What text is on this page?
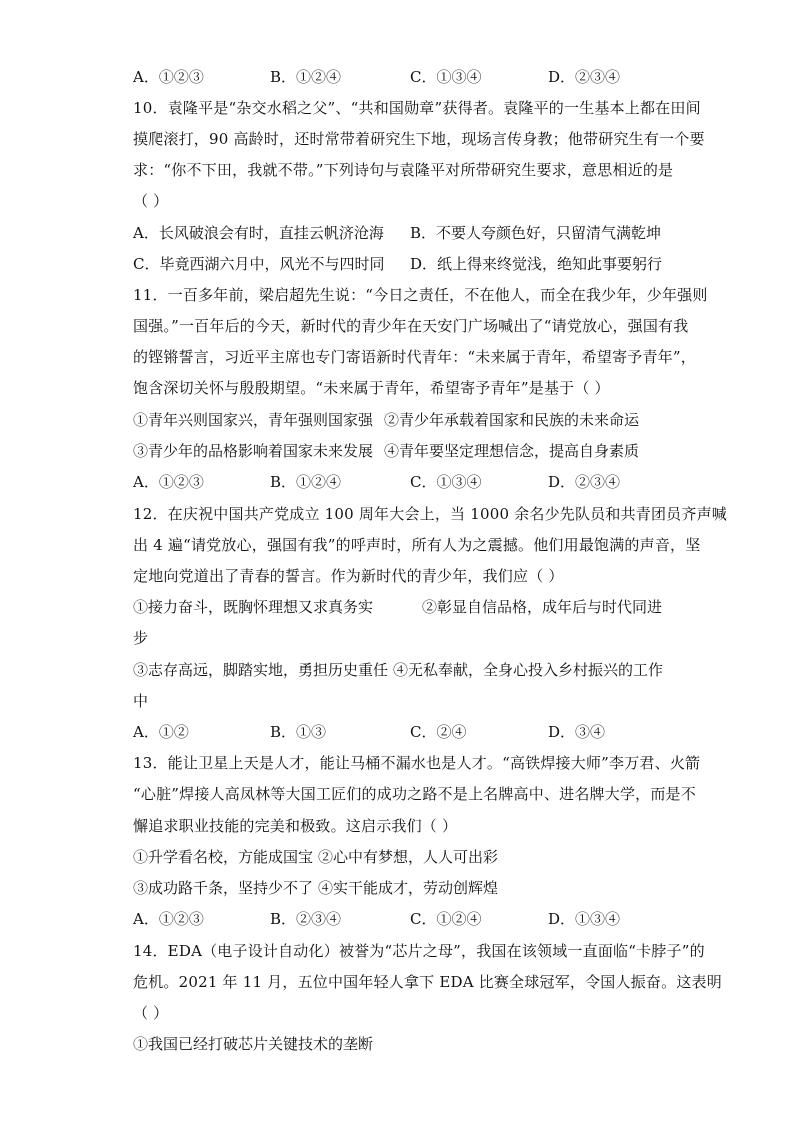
A．①②③	B．①②④	C．①③④	D．②③④
10．袁隆平是“杂交水稻之父”、“共和国勋章”获得者。袁隆平的一生基本上都在田间
摸爬滚打，90 高龄时，还时常带着研究生下地，现场言传身教；他带研究生有一个要
求：“你不下田，我就不带。”下列诗句与袁隆平对所带研究生要求，意思相近的是
（ ）
A．长风破浪会有时，直挂云帆济沧海 B．不要人夸颜色好，只留清气满乾坤
C．毕竟西湖六月中，风光不与四时同 D．纸上得来终觉浅，绝知此事要躬行
11．一百多年前，梁启超先生说：“今日之责任，不在他人，而全在我少年，少年强则
国强。”一百年后的今天，新时代的青少年在天安门广场喊出了“请党放心，强国有我
的铿锵誓言，习近平主席也专门寄语新时代青年：“未来属于青年，希望寄予青年”，
饱含深切关怀与殷殷期望。“未来属于青年，希望寄予青年”是基于（ ）
①青年兴则国家兴，青年强则国家强 ②青少年承载着国家和民族的未来命运
③青少年的品格影响着国家未来发展 ④青年要坚定理想信念，提高自身素质
A．①②③	B．①②④	C．①③④	D．②③④
12．在庆祝中国共产党成立 100 周年大会上，当 1000 余名少先队员和共青团员齐声喊
出 4 遍“请党放心，强国有我”的呼声时，所有人为之震撼。他们用最饱满的声音，坚
定地向党道出了青春的誓言。作为新时代的青少年，我们应（ ）
①接力奋斗，既胸怀理想又求真务实	②彰显自信品格，成年后与时代同进
步
③志存高远，脚踏实地，勇担历史重任 ④无私奉献，全身心投入乡村振兴的工作
中
A．①②	B．①③	C．②④	D．③④
13．能让卫星上天是人才，能让马桶不漏水也是人才。“高铁焊接大师”李万君、火箭
“心脏”焊接人高凤林等大国工匠们的成功之路不是上名牌高中、进名牌大学，而是不
懈追求职业技能的完美和极致。这启示我们（ ）
①升学看名校，方能成国宝 ②心中有梦想，人人可出彩
③成功路千条，坚持少不了 ④实干能成才，劳动创辉煌
A．①②③	B．②③④	C．①②④	D．①③④
14．EDA（电子设计自动化）被誉为“芯片之母”，我国在该领域一直面临“卡脖子”的
危机。2021 年 11 月，五位中国年轻人拿下 EDA 比赛全球冠军，令国人振奋。这表明
（ ）
①我国已经打破芯片关键技术的垄断
